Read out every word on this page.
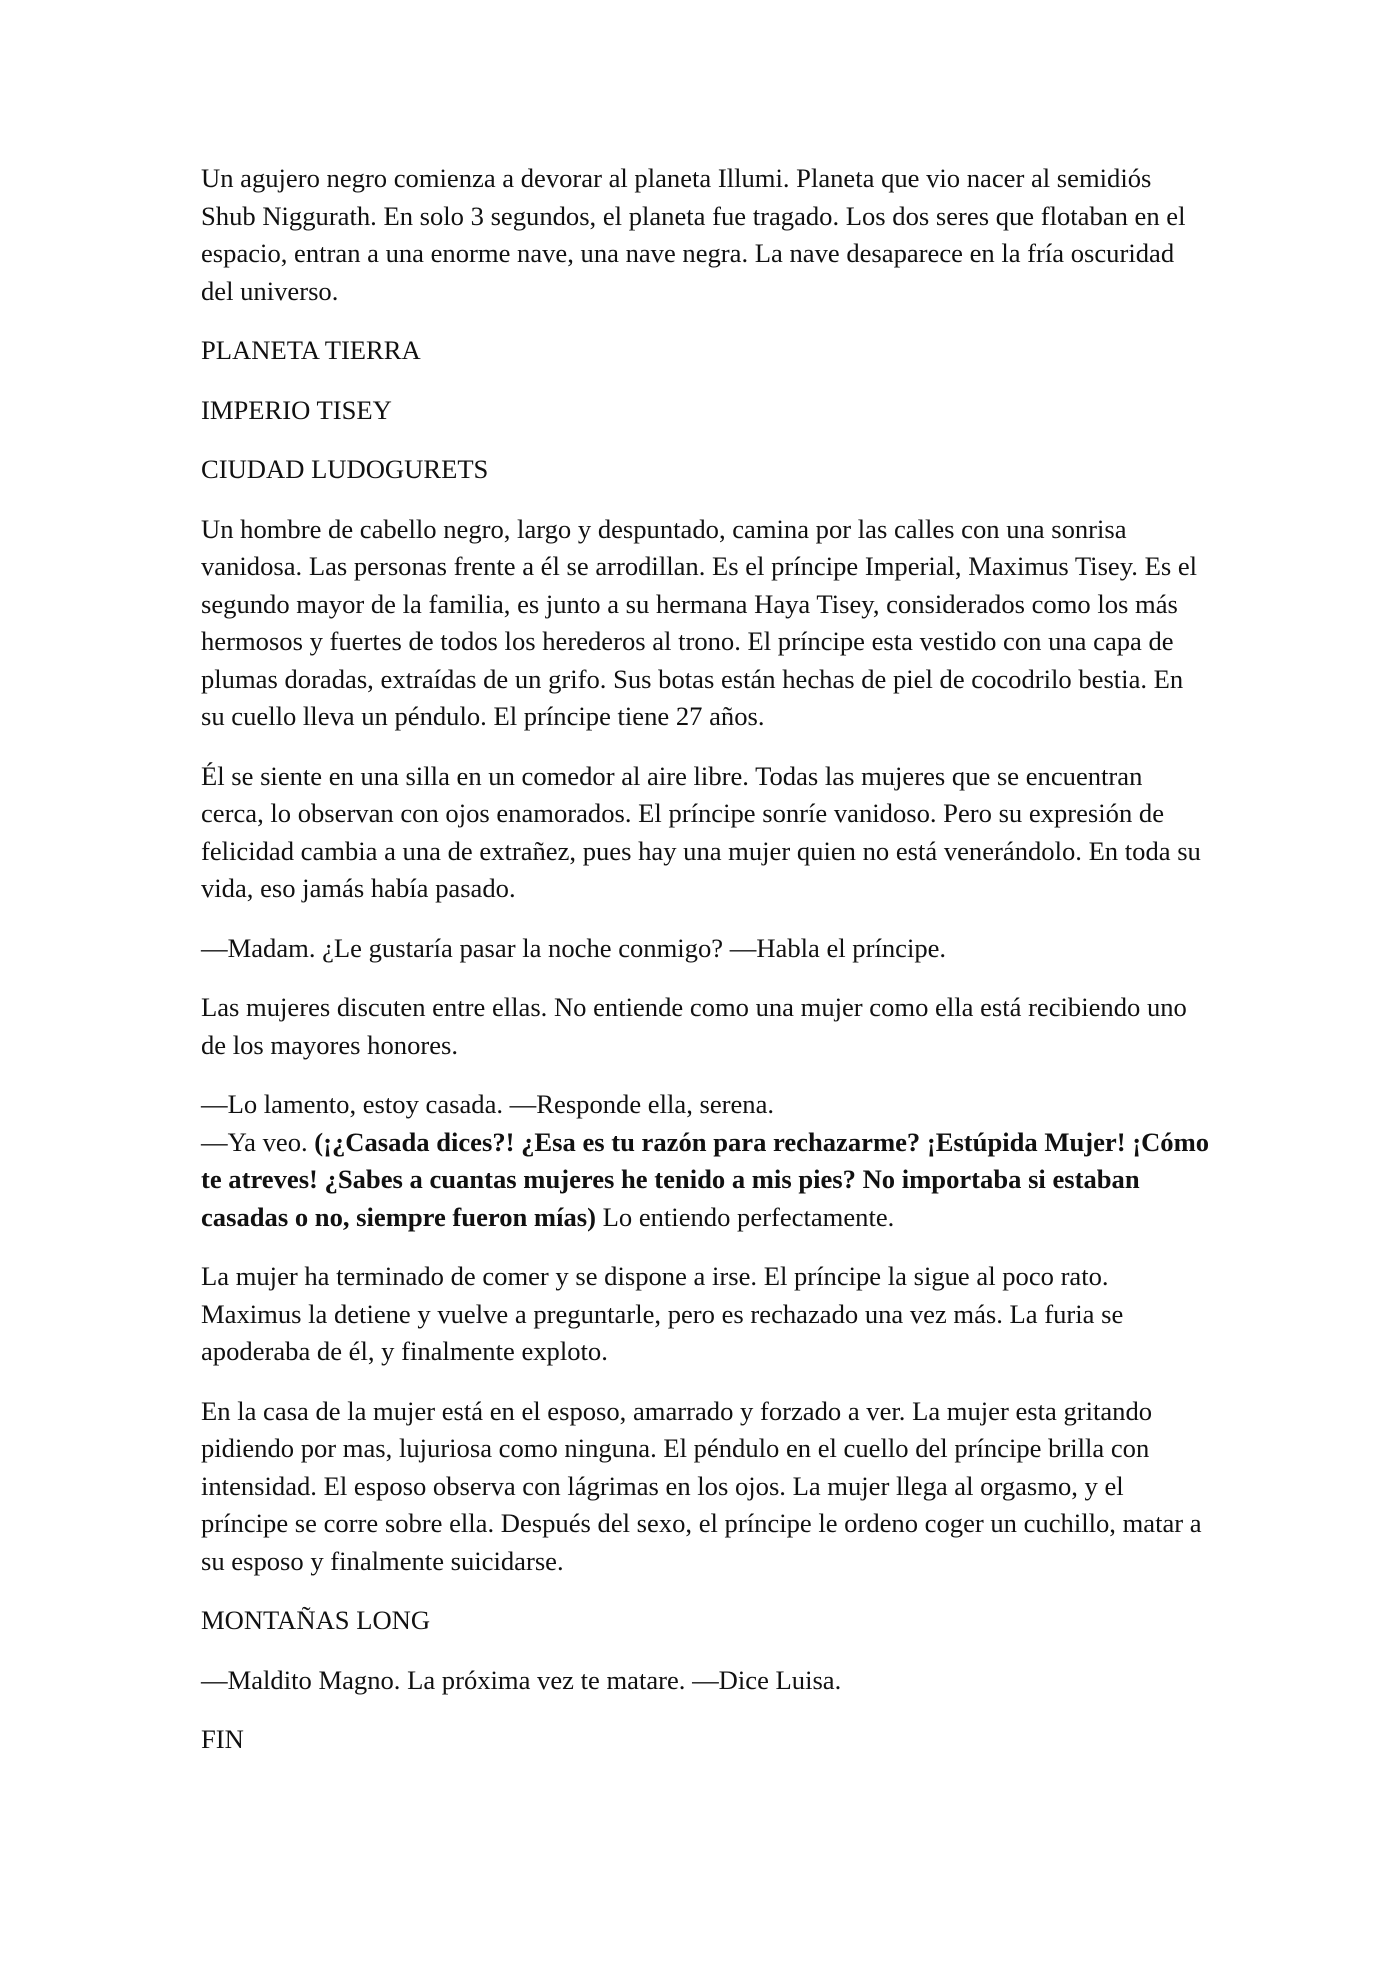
Un agujero negro comienza a devorar al planeta Illumi. Planeta que vio nacer al semidiós Shub Niggurath. En solo 3 segundos, el planeta fue tragado. Los dos seres que flotaban en el espacio, entran a una enorme nave, una nave negra. La nave desaparece en la fría oscuridad del universo.

PLANETA TIERRA

IMPERIO TISEY

CIUDAD LUDOGURETS

Un hombre de cabello negro, largo y despuntado, camina por las calles con una sonrisa vanidosa. Las personas frente a él se arrodillan. Es el príncipe Imperial, Maximus Tisey. Es el segundo mayor de la familia, es junto a su hermana Haya Tisey, considerados como los más hermosos y fuertes de todos los herederos al trono. El príncipe esta vestido con una capa de plumas doradas, extraídas de un grifo. Sus botas están hechas de piel de cocodrilo bestia. En su cuello lleva un péndulo. El príncipe tiene 27 años.

Él se siente en una silla en un comedor al aire libre. Todas las mujeres que se encuentran cerca, lo observan con ojos enamorados. El príncipe sonríe vanidoso. Pero su expresión de felicidad cambia a una de extrañez, pues hay una mujer quien no está venerándolo. En toda su vida, eso jamás había pasado.

—Madam. ¿Le gustaría pasar la noche conmigo? —Habla el príncipe.

Las mujeres discuten entre ellas. No entiende como una mujer como ella está recibiendo uno de los mayores honores.

—Lo lamento, estoy casada. —Responde ella, serena.

—Ya veo. (¡¿Casada dices?! ¿Esa es tu razón para rechazarme? ¡Estúpida Mujer! ¡Cómo te atreves! ¿Sabes a cuantas mujeres he tenido a mis pies? No importaba si estaban casadas o no, siempre fueron mías) Lo entiendo perfectamente.

La mujer ha terminado de comer y se dispone a irse. El príncipe la sigue al poco rato. Maximus la detiene y vuelve a preguntarle, pero es rechazado una vez más. La furia se apoderaba de él, y finalmente exploto.

En la casa de la mujer está en el esposo, amarrado y forzado a ver. La mujer esta gritando pidiendo por mas, lujuriosa como ninguna. El péndulo en el cuello del príncipe brilla con intensidad. El esposo observa con lágrimas en los ojos. La mujer llega al orgasmo, y el príncipe se corre sobre ella. Después del sexo, el príncipe le ordeno coger un cuchillo, matar a su esposo y finalmente suicidarse.

MONTAÑAS LONG

—Maldito Magno. La próxima vez te matare. —Dice Luisa.

FIN
